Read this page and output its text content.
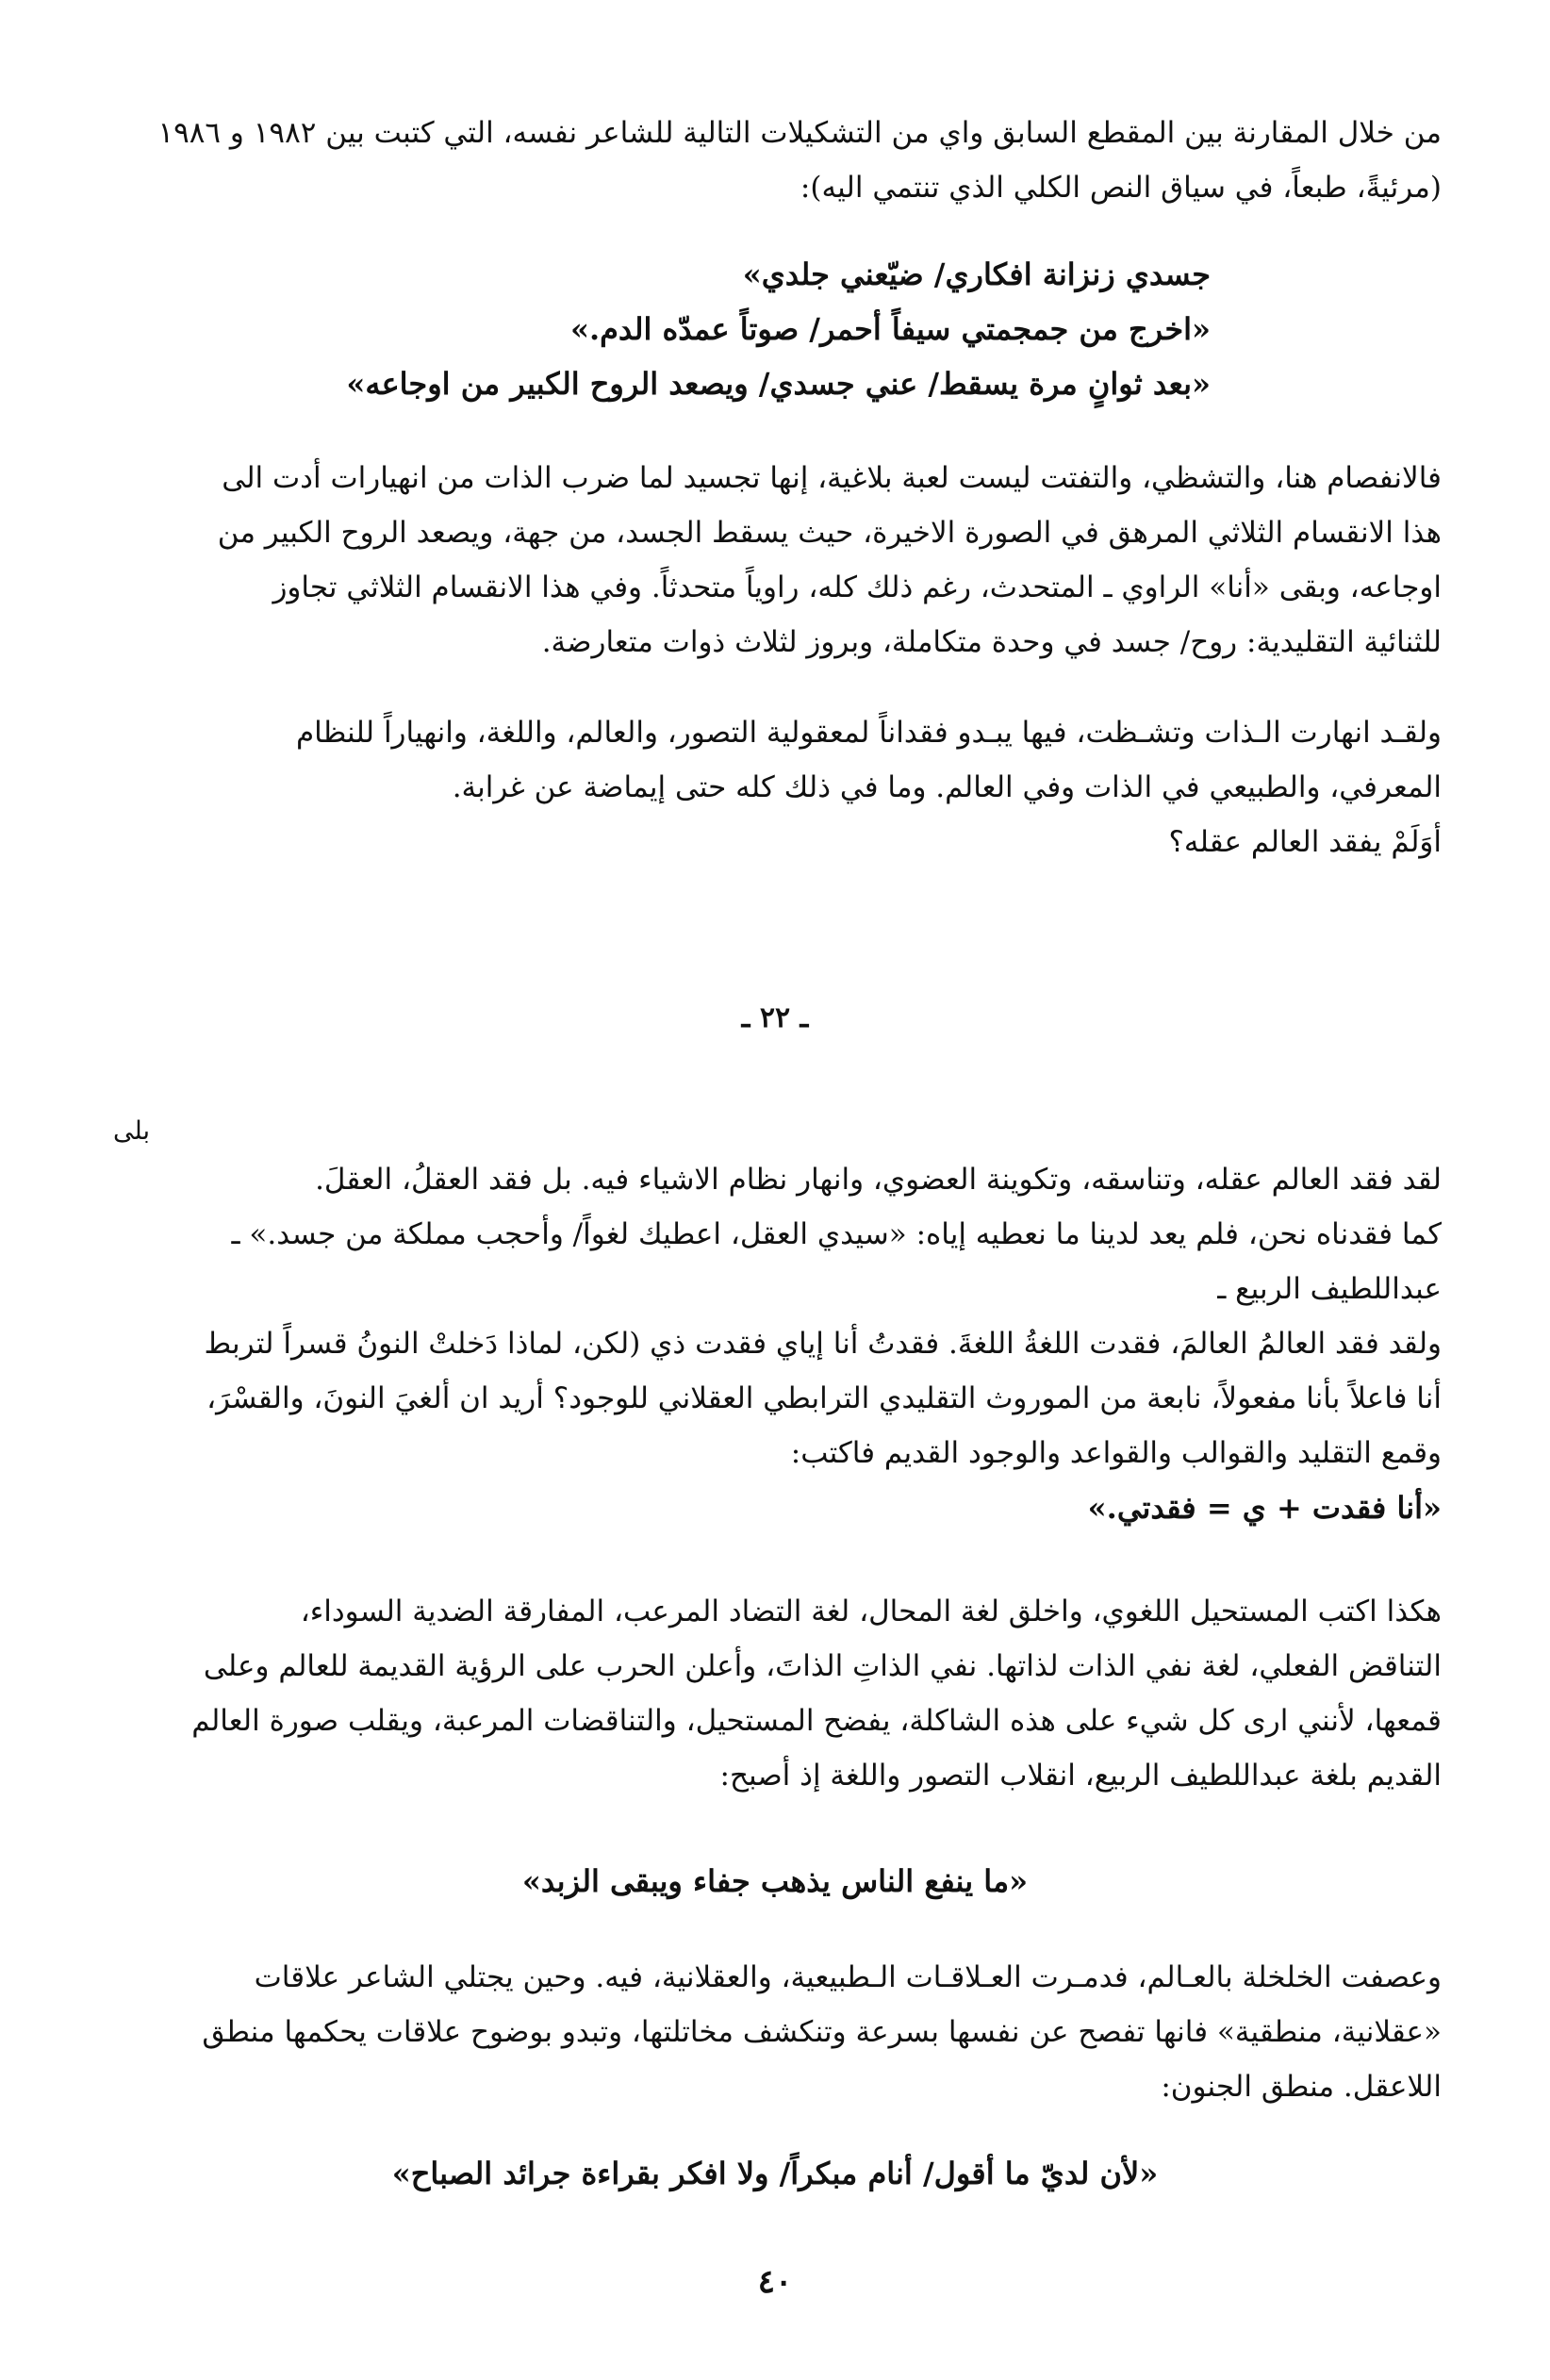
من خلال المقارنة بين المقطع السابق واي من التشكيلات التالية للشاعر نفسه، التي كتبت بين ١٩٨٢ و ١٩٨٦
(مرئيةً، طبعاً، في سياق النص الكلي الذي تنتمي اليه):
جسدي زنزانة افكاري/ ضيّعني جلدي»
«اخرج من جمجمتي سيفاً أحمر/ صوتاً عمدّه الدم.»
«بعد ثوانٍ مرة يسقط/ عني جسدي/ ويصعد الروح الكبير من اوجاعه»
فالانفصام هنا، والتشظي، والتفتت ليست لعبة بلاغية، إنها تجسيد لما ضرب الذات من انهيارات أدت الى
هذا الانقسام الثلاثي المرهق في الصورة الاخيرة، حيث يسقط الجسد، من جهة، ويصعد الروح الكبير من
اوجاعه، وبقى «أنا» الراوي ـ المتحدث، رغم ذلك كله، راوياً متحدثاً. وفي هذا الانقسام الثلاثي تجاوز
للثنائية التقليدية: روح/ جسد في وحدة متكاملة، وبروز لثلاث ذوات متعارضة.
ولقـد انهارت الـذات وتشـظت، فيها يبـدو فقداناً لمعقولية التصور، والعالم، واللغة، وانهياراً للنظام
المعرفي، والطبيعي في الذات وفي العالم. وما في ذلك كله حتى إيماضة عن غرابة.
أوَلَمْ يفقد العالم عقله؟
ـ ٢٢ ـ
بلى
لقد فقد العالم عقله، وتناسقه، وتكوينة العضوي، وانهار نظام الاشياء فيه. بل فقد العقلُ، العقلَ.
كما فقدناه نحن، فلم يعد لدينا ما نعطيه إياه: «سيدي العقل، اعطيك لغواً/ وأحجب مملكة من جسد.» ـ
عبداللطيف الربيع ـ
ولقد فقد العالمُ العالمَ، فقدت اللغةُ اللغةَ. فقدتُ أنا إياي فقدت ذي (لكن، لماذا دَخلتْ النونُ قسراً لتربط
أنا فاعلاً بأنا مفعولاً، نابعة من الموروث التقليدي الترابطي العقلاني للوجود؟ أريد ان ألغيَ النونَ، والقسْرَ،
وقمع التقليد والقوالب والقواعد والوجود القديم فاكتب:
«أنا فقدت + ي = فقدتي.»
هكذا اكتب المستحيل اللغوي، واخلق لغة المحال، لغة التضاد المرعب، المفارقة الضدية السوداء،
التناقض الفعلي، لغة نفي الذات لذاتها. نفي الذاتِ الذاتَ، وأعلن الحرب على الرؤية القديمة للعالم وعلى
قمعها، لأنني ارى كل شيء على هذه الشاكلة، يفضح المستحيل، والتناقضات المرعبة، ويقلب صورة العالم
القديم بلغة عبداللطيف الربيع، انقلاب التصور واللغة إذ أصبح:
«ما ينفع الناس يذهب جفاء ويبقى الزبد»
وعصفت الخلخلة بالعـالم، فدمـرت العـلاقـات الـطبيعية، والعقلانية، فيه. وحين يجتلي الشاعر علاقات
«عقلانية، منطقية» فانها تفصح عن نفسها بسرعة وتنكشف مخاتلتها، وتبدو بوضوح علاقات يحكمها منطق
اللاعقل. منطق الجنون:
«لأن لديّ ما أقول/ أنام مبكراً/ ولا افكر بقراءة جرائد الصباح»
٤٠
